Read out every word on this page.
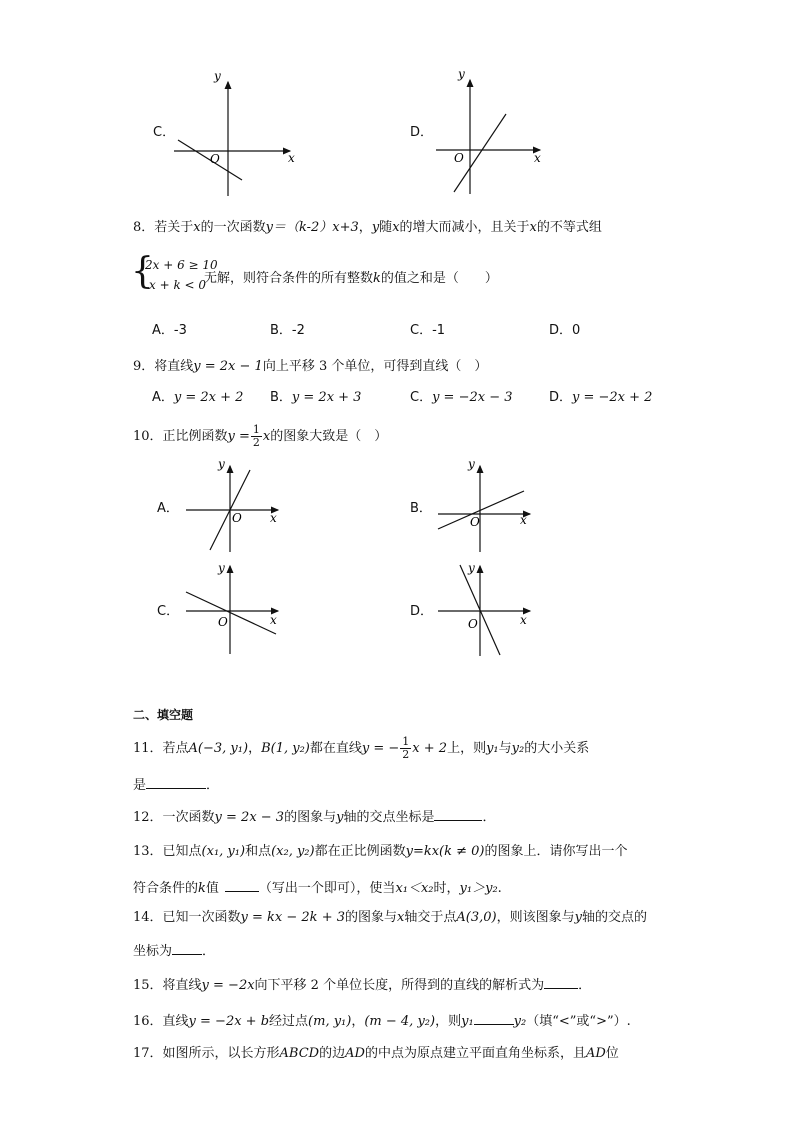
C．
y
x
O
D．
y
x
O
8．若关于x的一次函数y＝（k-2）x+3，y随x的增大而减小，且关于x的不等式组
{
2x + 6 ≥ 10
x + k < 0
无解，则符合条件的所有整数k的值之和是（　　）
A．-3	B．-2	C．-1	D．0
9．将直线y = 2x − 1向上平移 3 个单位，可得到直线（　）
A．y = 2x + 2 B．y = 2x + 3	C．y = −2x − 3	D．y = −2x + 2
10．正比例函数$y = \frac{1}{2}$ x的图象大致是（　）
A．
y
x
O
B．
y
x
O
C．
y
x
O
D．
y
x
O
二、填空题
11．若点A(−3, y₁)，B(1, y₂)都在直线y = − $\frac{1}{2}$ x + 2上，则y₁与y₂的大小关系
是	．
12．一次函数y = 2x − 3的图象与y轴的交点坐标是	．
13．已知点(x₁, y₁)和点(x₂, y₂)都在正比例函数y=kx(k ≠ 0)的图象上．请你写出一个
符合条件的k值	（写出一个即可），使当x₁＜x₂时，y₁＞y₂.
14．已知一次函数y = kx − 2k + 3的图象与x轴交于点A(3,0)，则该图象与y轴的交点的
坐标为 ．
15．将直线y = −2x向下平移 2 个单位长度，所得到的直线的解析式为	．
16．直线y = −2x + b经过点(m, y₁)，(m − 4, y₂)，则y₁	y₂（填“<”或“>”）.
17．如图所示，以长方形ABCD的边AD的中点为原点建立平面直角坐标系，且AD位
